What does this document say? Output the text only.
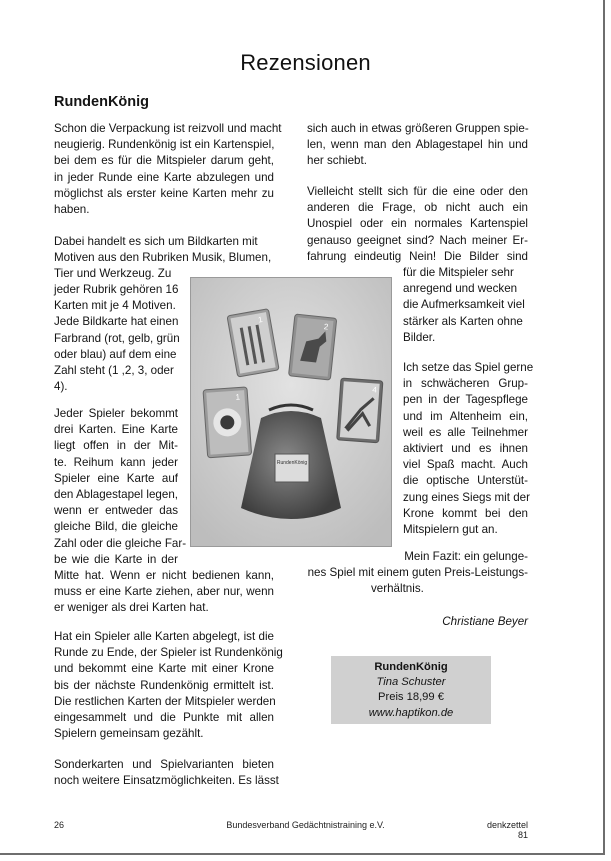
Rezensionen
RundenKönig
Schon die Verpackung ist reizvoll und macht
neugierig. Rundenkönig ist ein Kartenspiel,
bei dem es für die Mitspieler darum geht,
in jeder Runde eine Karte abzulegen und
möglichst als erster keine Karten mehr zu
haben.
Dabei handelt es sich um Bildkarten mit
Motiven aus den Rubriken Musik, Blumen,
Tier und Werkzeug. Zu
jeder Rubrik gehören 16
Karten mit je 4 Motiven.
Jede Bildkarte hat einen
Farbrand (rot, gelb, grün
oder blau) auf dem eine
Zahl steht (1 ,2, 3, oder
4).
Jeder Spieler bekommt
drei Karten. Eine Karte
liegt offen in der Mit-
te. Reihum kann jeder
Spieler eine Karte auf
den Ablagestapel legen,
wenn er entweder das
gleiche Bild, die gleiche
Zahl oder die gleiche Far-
be wie die Karte in der
Mitte hat. Wenn er nicht bedienen kann,
muss er eine Karte ziehen, aber nur, wenn
er weniger als drei Karten hat.
Hat ein Spieler alle Karten abgelegt, ist die
Runde zu Ende, der Spieler ist Rundenkönig
und bekommt eine Karte mit einer Krone
bis der nächste Rundenkönig ermittelt ist.
Die restlichen Karten der Mitspieler werden
eingesammelt und die Punkte mit allen
Spielern gemeinsam gezählt.
Sonderkarten und Spielvarianten bieten
noch weitere Einsatzmöglichkeiten. Es lässt
sich auch in etwas größeren Gruppen spie-
len, wenn man den Ablagestapel hin und
her schiebt.
Vielleicht stellt sich für die eine oder den
anderen die Frage, ob nicht auch ein
Unospiel oder ein normales Kartenspiel
genauso geeignet sind? Nach meiner Er-
fahrung eindeutig Nein! Die Bilder sind
für die Mitspieler sehr
anregend und wecken
die Aufmerksamkeit viel
stärker als Karten ohne
Bilder.
Ich setze das Spiel gerne
in schwächeren Grup-
pen in der Tagespflege
und im Altenheim ein,
weil es alle Teilnehmer
aktiviert und es ihnen
viel Spaß macht. Auch
die optische Unterstüt-
zung eines Siegs mit der
Krone kommt bei den
Mitspielern gut an.
Mein Fazit: ein gelunge-
nes Spiel mit einem guten Preis-Leistungs-
verhältnis.
Christiane Beyer
RundenKönig
Tina Schuster
Preis 18,99 €
www.haptikon.de
1
2
4
1
RundenKönig
26	Bundesverband Gedächtnistraining e.V.	denkzettel 81
